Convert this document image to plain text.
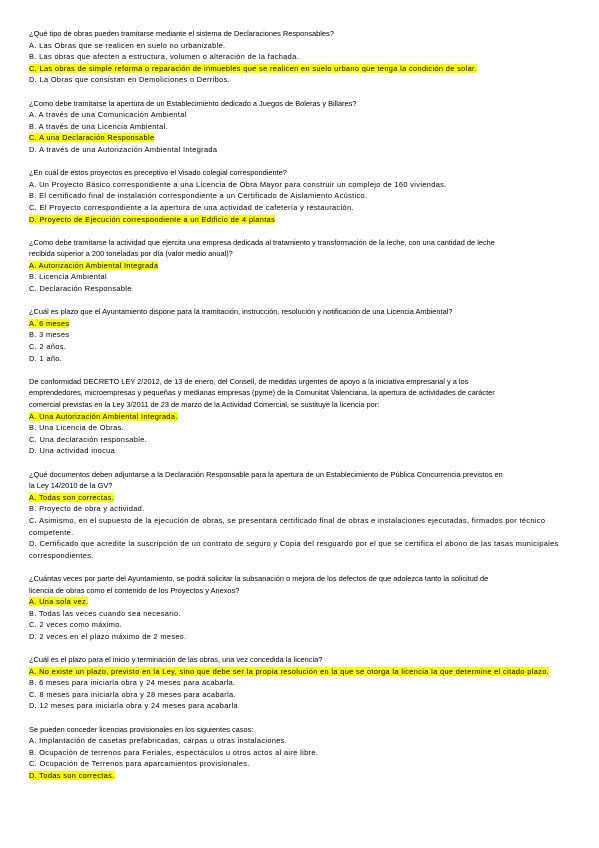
¿Qué tipo de obras pueden tramitarse mediante el sistema de Declaraciones Responsables?
A. Las Obras que se realicen en suelo no urbanizable.
B. Las obras que afecten a estructura, volumen o alteración de la fachada.
C. Las obras de simple reforma o reparación de inmuebles que se realicen en suelo urbano que tenga la condición de solar.
D. La Obras que consistan en Demoliciones o Derribos.
¿Como debe tramitarse la apertura de un Establecimiento dedicado a Juegos de Boleras y Billares?
A. A través de una Comunicación Ambiental
B. A través de una Licencia Ambiental.
C. A una Declaración Responsable
D. A través de una Autorización Ambiental Integrada
¿En cuál de estos proyectos es preceptivo el Visado colegial correspondiente?
A. Un Proyecto Básico correspondiente a una Licencia de Obra Mayor para construir un complejo de 160 viviendas.
B. El certificado final de instalación correspondiente a un Certificado de Aislamiento Acústico.
C. El Proyecto correspondiente a la apertura de una actividad de cafetería y restauración.
D. Proyecto de Ejecución correspondiente a un Edificio de 4 plantas
¿Como debe tramitarse la actividad que ejercita una empresa dedicada al tratamiento y transformación de la leche, con una cantidad de leche
recibida superior a 200 toneladas por día (valor medio anual)?
A. Autorización Ambiental Integrada
B. Licencia Ambiental
C. Declaración Responsable
¿Cuál es plazo que el Ayuntamiento dispone para la tramitación, instrucción, resolución y notificación de una Licencia Ambiental?
A. 6 meses
B. 3 meses
C. 2 años.
D. 1 año.
De conformidad DECRETO LEY 2/2012, de 13 de enero, del Consell, de medidas urgentes de apoyo a la iniciativa empresarial y a los
emprendedores, microempresas y pequeñas y medianas empresas (pyme) de la Comunitat Valenciana, la apertura de actividades de carácter
comercial previstas en la Ley 3/2011 de 23 de marzo de la Actividad Comercial, se sustituye la licencia por:
A. Una Autorización Ambiental Integrada.
B. Una Licencia de Obras.
C. Una declaración responsable.
D. Una actividad inocua
¿Qué documentos deben adjuntarse a la Declaración Responsable para la apertura de un Establecimiento de Pública Concurrencia previstos en
la Ley 14/2010 de la GV?
A. Todas son correctas.
B. Proyecto de obra y actividad.
C. Asimismo, en el supuesto de la ejecución de obras, se presentará certificado final de obras e instalaciones ejecutadas, firmados por técnico competente.
D. Certificado que acredite la suscripción de un contrato de seguro y Copia del resguardo por el que se certifica el abono de las tasas municipales correspondientes.
¿Cuántas veces por parte del Ayuntamiento, se podrá solicitar la subsanación o mejora de los defectos de que adolezca tanto la solicitud de
licencia de obras como el contenido de los Proyectos y Anexos?
A. Una sola vez.
B. Todas las veces cuando sea necesario.
C. 2 veces como máximo.
D. 2 veces en el plazo máximo de 2 meses.
¿Cuál es el plazo para el inicio y terminación de las obras, una vez concedida la licencia?
A. No existe un plazo, previsto en la Ley, sino que debe ser la propia resolución en la que se otorga la licencia la que determine el citado plazo.
B. 6 meses para iniciarla obra y 24 meses para acabarla.
C. 8 meses para iniciarla obra y 28 meses para acabarla.
D. 12 meses para iniciarla obra y 24 meses para acabarla
Se pueden conceder licencias provisionales en los siguientes casos:
A. Implantación de casetas prefabricadas, carpas u otras instalaciones.
B. Ocupación de terrenos para Feriales, espectáculos u otros actos al aire libre.
C. Ocupación de Terrenos para aparcamientos provisionales.
D. Todas son correctas.
